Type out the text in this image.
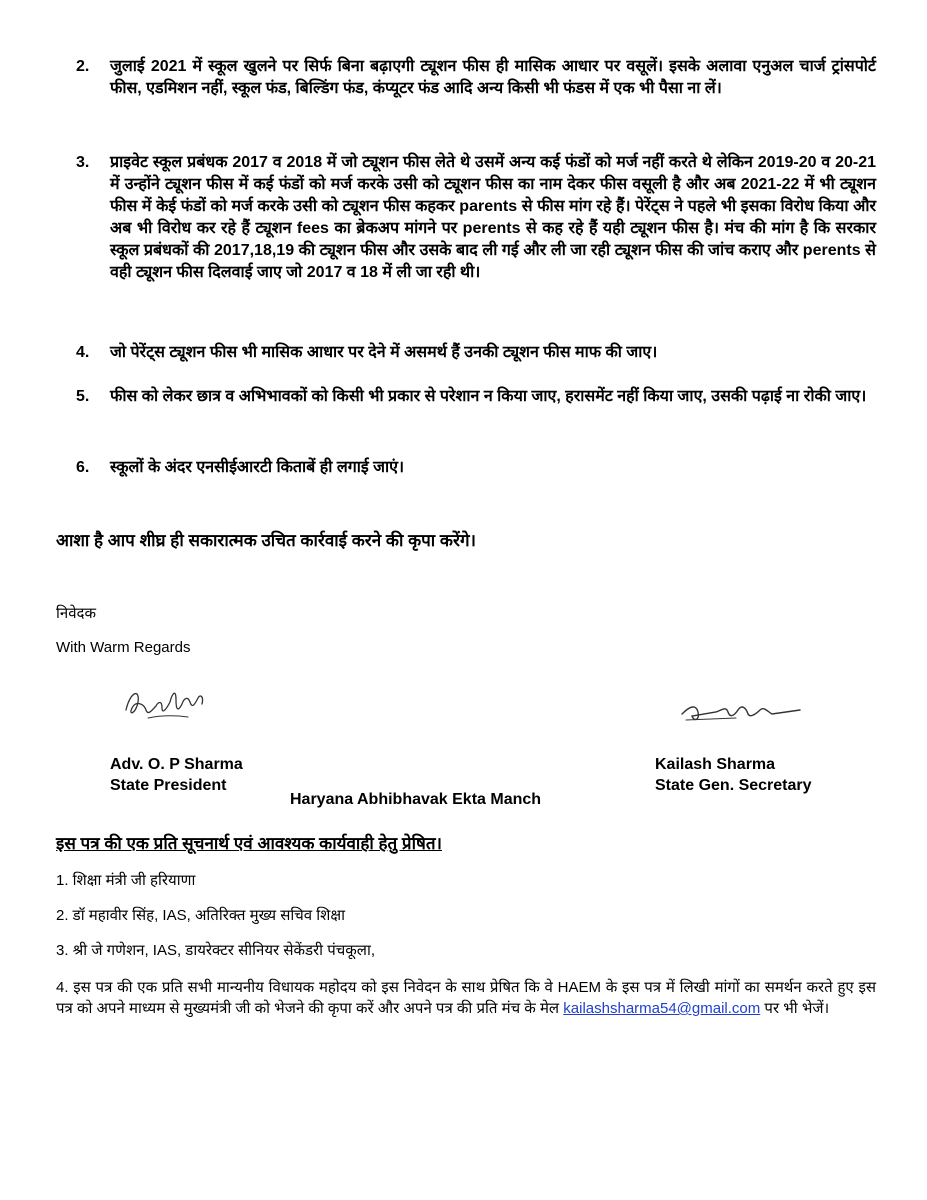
2.	जुलाई 2021 में स्कूल खुलने पर सिर्फ बिना बढ़ाएगी ट्यूशन फीस ही मासिक आधार पर वसूलें। इसके अलावा एनुअल चार्ज ट्रांसपोर्ट फीस, एडमिशन नहीं, स्कूल फंड, बिल्डिंग फंड, कंप्यूटर फंड आदि अन्य किसी भी फंडस में एक भी पैसा ना लें।
3.	प्राइवेट स्कूल प्रबंधक 2017 व 2018 में जो ट्यूशन फीस लेते थे उसमें अन्य कई फंडों को मर्ज नहीं करते थे लेकिन 2019-20 व 20-21 में उन्होंने ट्यूशन फीस में कई फंडों को मर्ज करके उसी को ट्यूशन फीस का नाम देकर फीस वसूली है और अब 2021-22 में भी ट्यूशन फीस में केई फंडों को मर्ज करके उसी को ट्यूशन फीस कहकर parents से फीस मांग रहे हैं। पेरेंट्स ने पहले भी इसका विरोध किया और अब भी विरोध कर रहे हैं ट्यूशन fees का ब्रेकअप मांगने पर perents से कह रहे हैं यही ट्यूशन फीस है। मंच की मांग है कि सरकार स्कूल प्रबंधकों की 2017,18,19 की ट्यूशन फीस और उसके बाद ली गई और ली जा रही ट्यूशन फीस की जांच कराए और perents से वही ट्यूशन फीस दिलवाई जाए जो 2017 व 18 में ली जा रही थी।
4.	जो पेरेंट्स ट्यूशन फीस भी मासिक आधार पर देने में असमर्थ हैं उनकी ट्यूशन फीस माफ की जाए।
5.	फीस को लेकर छात्र व अभिभावकों को किसी भी प्रकार से परेशान न किया जाए, हरासमेंट नहीं किया जाए, उसकी पढ़ाई ना रोकी जाए।
6.	स्कूलों के अंदर एनसीईआरटी किताबें ही लगाई जाएं।
आशा है आप शीघ्र ही सकारात्मक उचित कार्रवाई करने की कृपा करेंगे।
निवेदक
With Warm Regards
Adv. O. P Sharma
State President
Kailash Sharma
State Gen. Secretary
Haryana Abhibhavak Ekta Manch
इस पत्र की एक प्रति सूचनार्थ एवं आवश्यक कार्यवाही हेतु प्रेषित।
1. शिक्षा मंत्री जी हरियाणा
2. डॉ महावीर सिंह, IAS, अतिरिक्त मुख्य सचिव शिक्षा
3. श्री जे गणेशन, IAS, डायरेक्टर सीनियर सेकेंडरी पंचकूला,
4. इस पत्र की एक प्रति सभी मान्यनीय विधायक महोदय को इस निवेदन के साथ प्रेषित कि वे HAEM के इस पत्र में लिखी मांगों का समर्थन करते हुए इस पत्र को अपने माध्यम से मुख्यमंत्री जी को भेजने की कृपा करें और अपने पत्र की प्रति मंच के मेल kailashsharma54@gmail.com पर भी भेजें।
